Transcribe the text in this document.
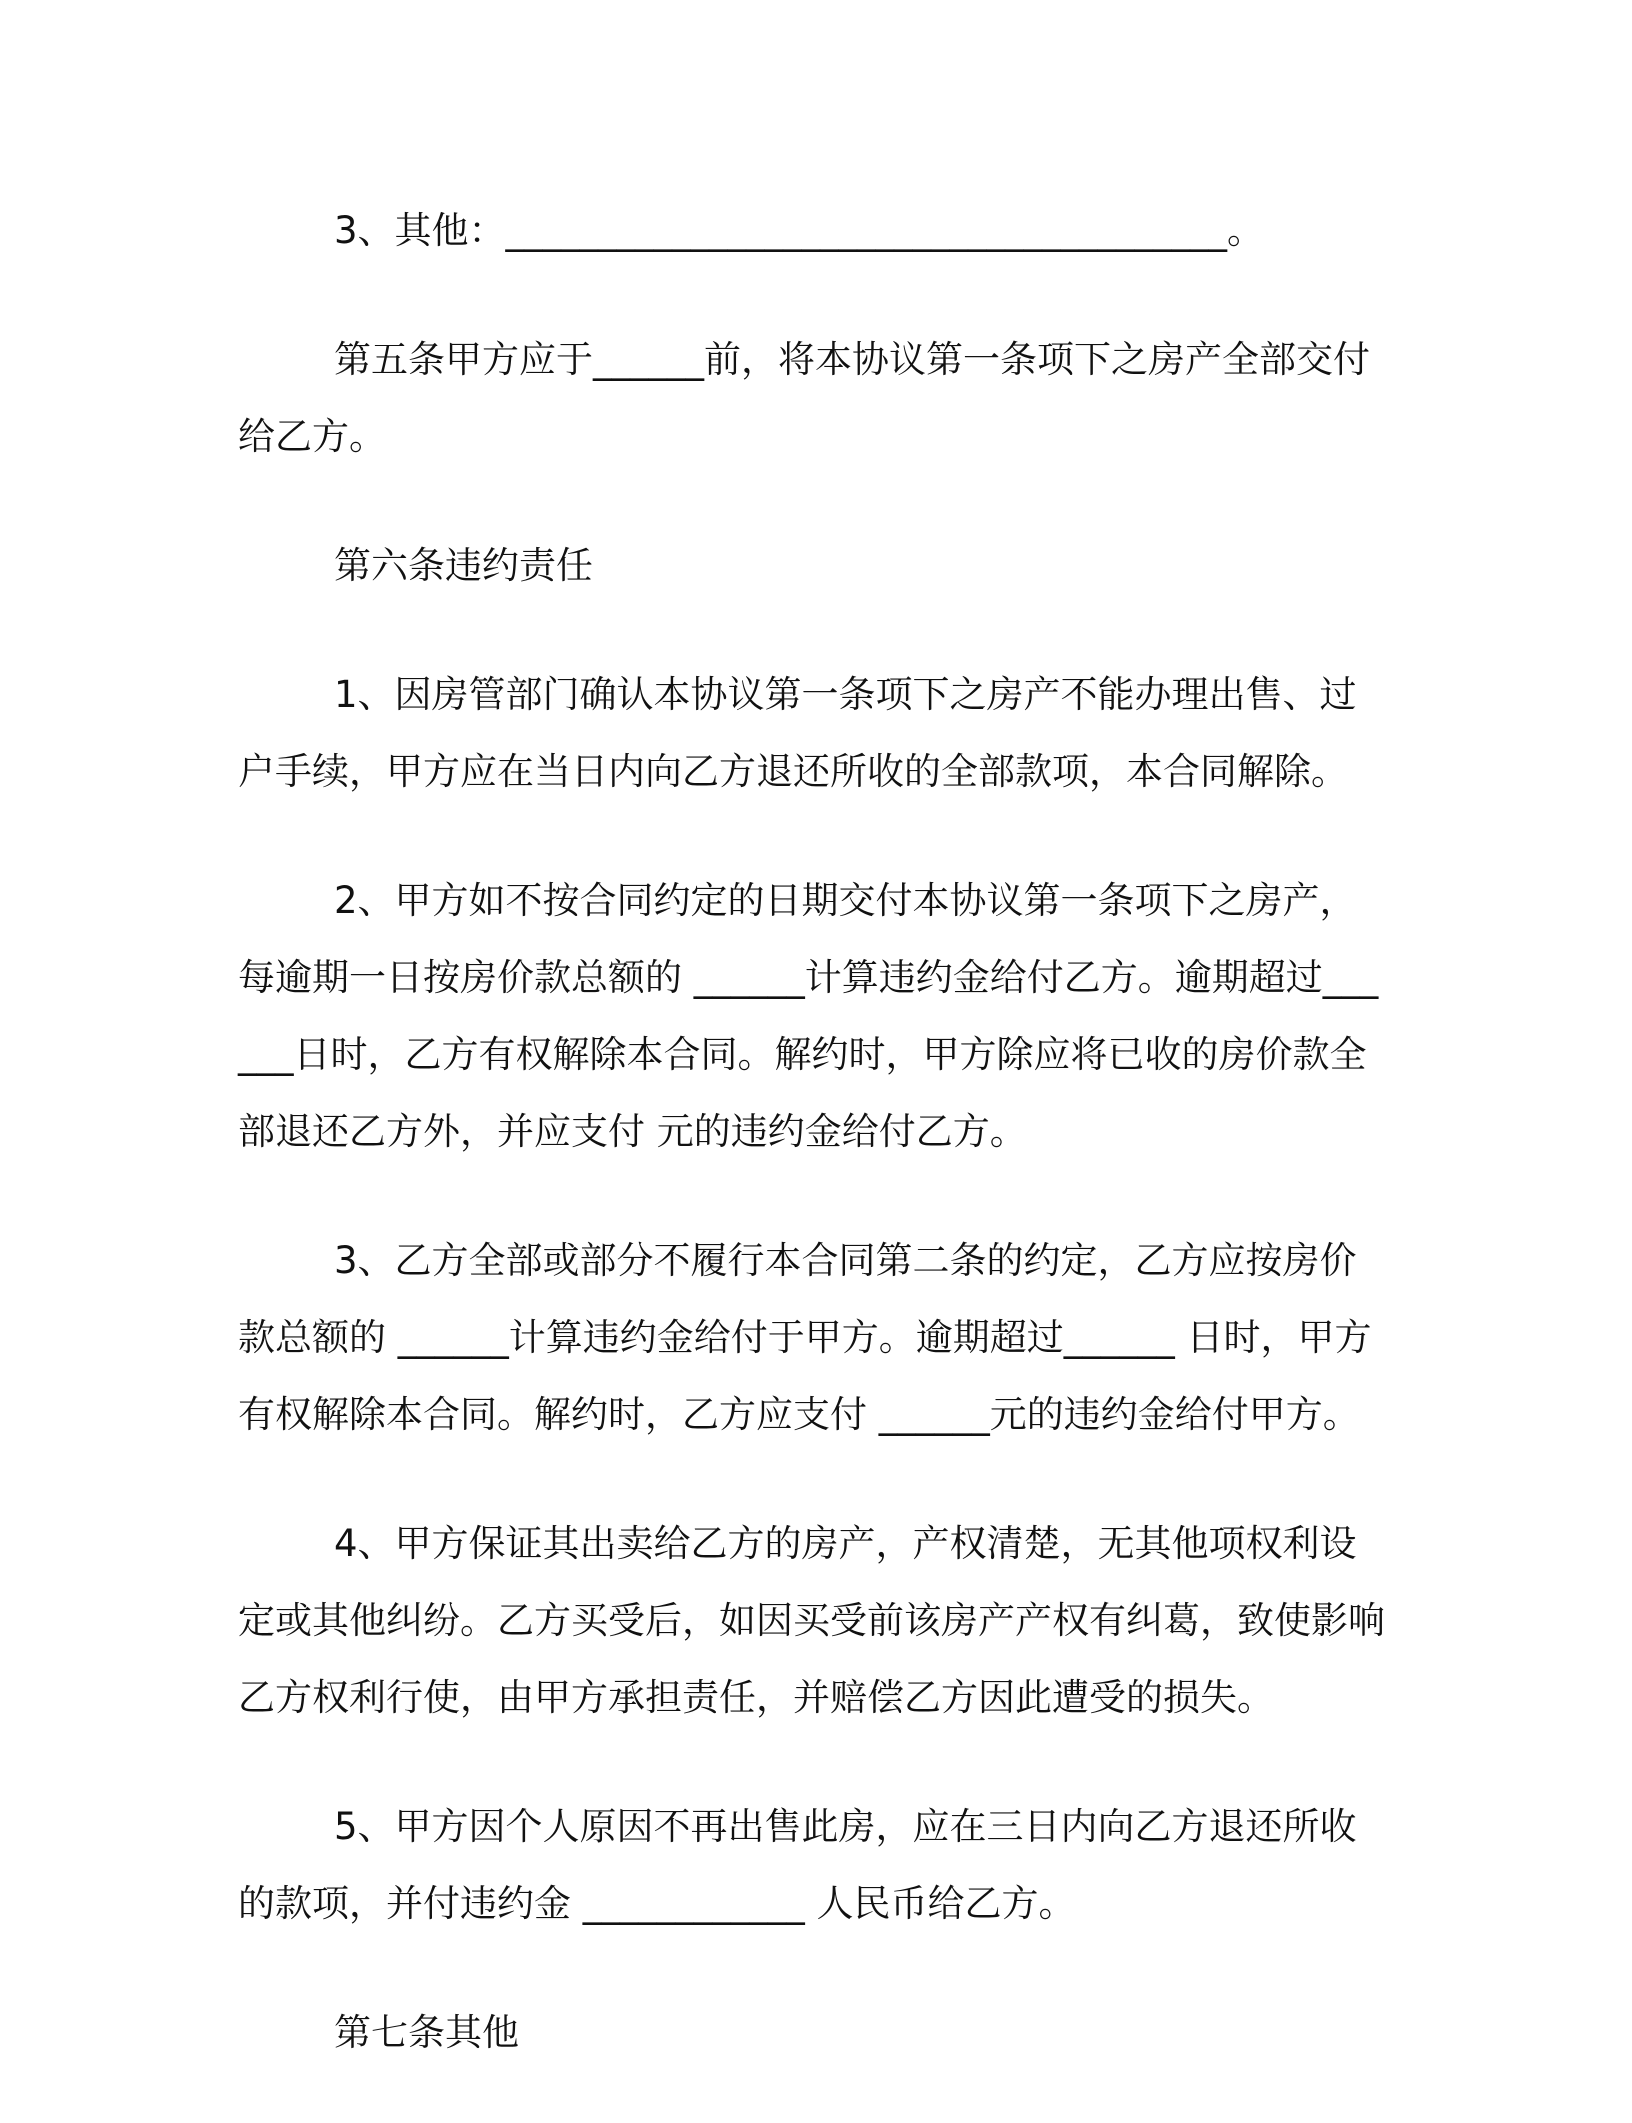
3、其他：_______________________________________。

第五条甲方应于______前，将本协议第一条项下之房产全部交付给乙方。

第六条违约责任

1、因房管部门确认本协议第一条项下之房产不能办理出售、过户手续，甲方应在当日内向乙方退还所收的全部款项，本合同解除。

2、甲方如不按合同约定的日期交付本协议第一条项下之房产，每逾期一日按房价款总额的 ______计算违约金给付乙方。逾期超过______日时，乙方有权解除本合同。解约时，甲方除应将已收的房价款全部退还乙方外，并应支付 元的违约金给付乙方。

3、乙方全部或部分不履行本合同第二条的约定，乙方应按房价款总额的 ______计算违约金给付于甲方。逾期超过______ 日时，甲方有权解除本合同。解约时，乙方应支付 ______元的违约金给付甲方。

4、甲方保证其出卖给乙方的房产，产权清楚，无其他项权利设定或其他纠纷。乙方买受后，如因买受前该房产产权有纠葛，致使影响乙方权利行使，由甲方承担责任，并赔偿乙方因此遭受的损失。

5、甲方因个人原因不再出售此房，应在三日内向乙方退还所收的款项，并付违约金 ____________ 人民币给乙方。

第七条其他
